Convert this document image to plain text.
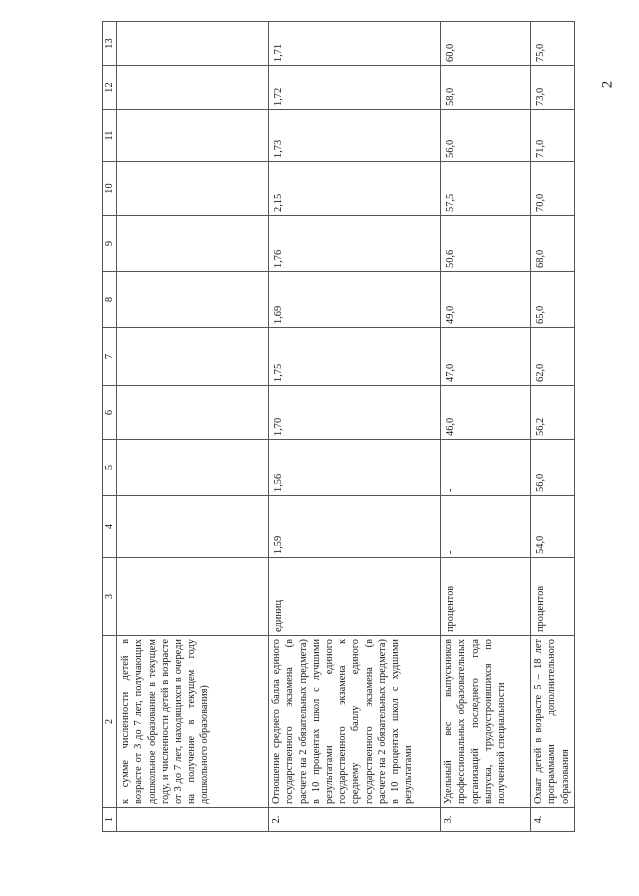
2
1	2	3	4	5	6	7	8	9	10	11	12	13
	к сумме численности детей в возрасте от 3 до 7 лет, получающих дошкольное образование в текущем году, и численности детей в возрасте от 3 до 7 лет, находящихся в очереди на получение в текущем году дошкольного образования)											
2.	Отношение среднего балла единого государственного экзамена (в расчете на 2 обязательных предмета) в 10 процентах школ с лучшими результатами единого государственного экзамена к среднему баллу единого государственного экзамена (в расчете на 2 обязательных предмета) в 10 процентах школ с худшими результатами	единиц	1,59	1,56	1,70	1,75	1,69	1,76	2,15	1,73	1,72	1,71
3.	Удельный вес выпускников профессиональных образовательных организаций последнего года выпуска, трудоустроившихся по полученной специальности	процентов	-	-	46,0	47,0	49,0	50,6	57,5	56,0	58,0	60,0
4.	Охват детей в возрасте 5 – 18 лет программами дополнительного образования	процентов	54,0	56,0	56,2	62,0	65,0	68,0	70,0	71,0	73,0	75,0
